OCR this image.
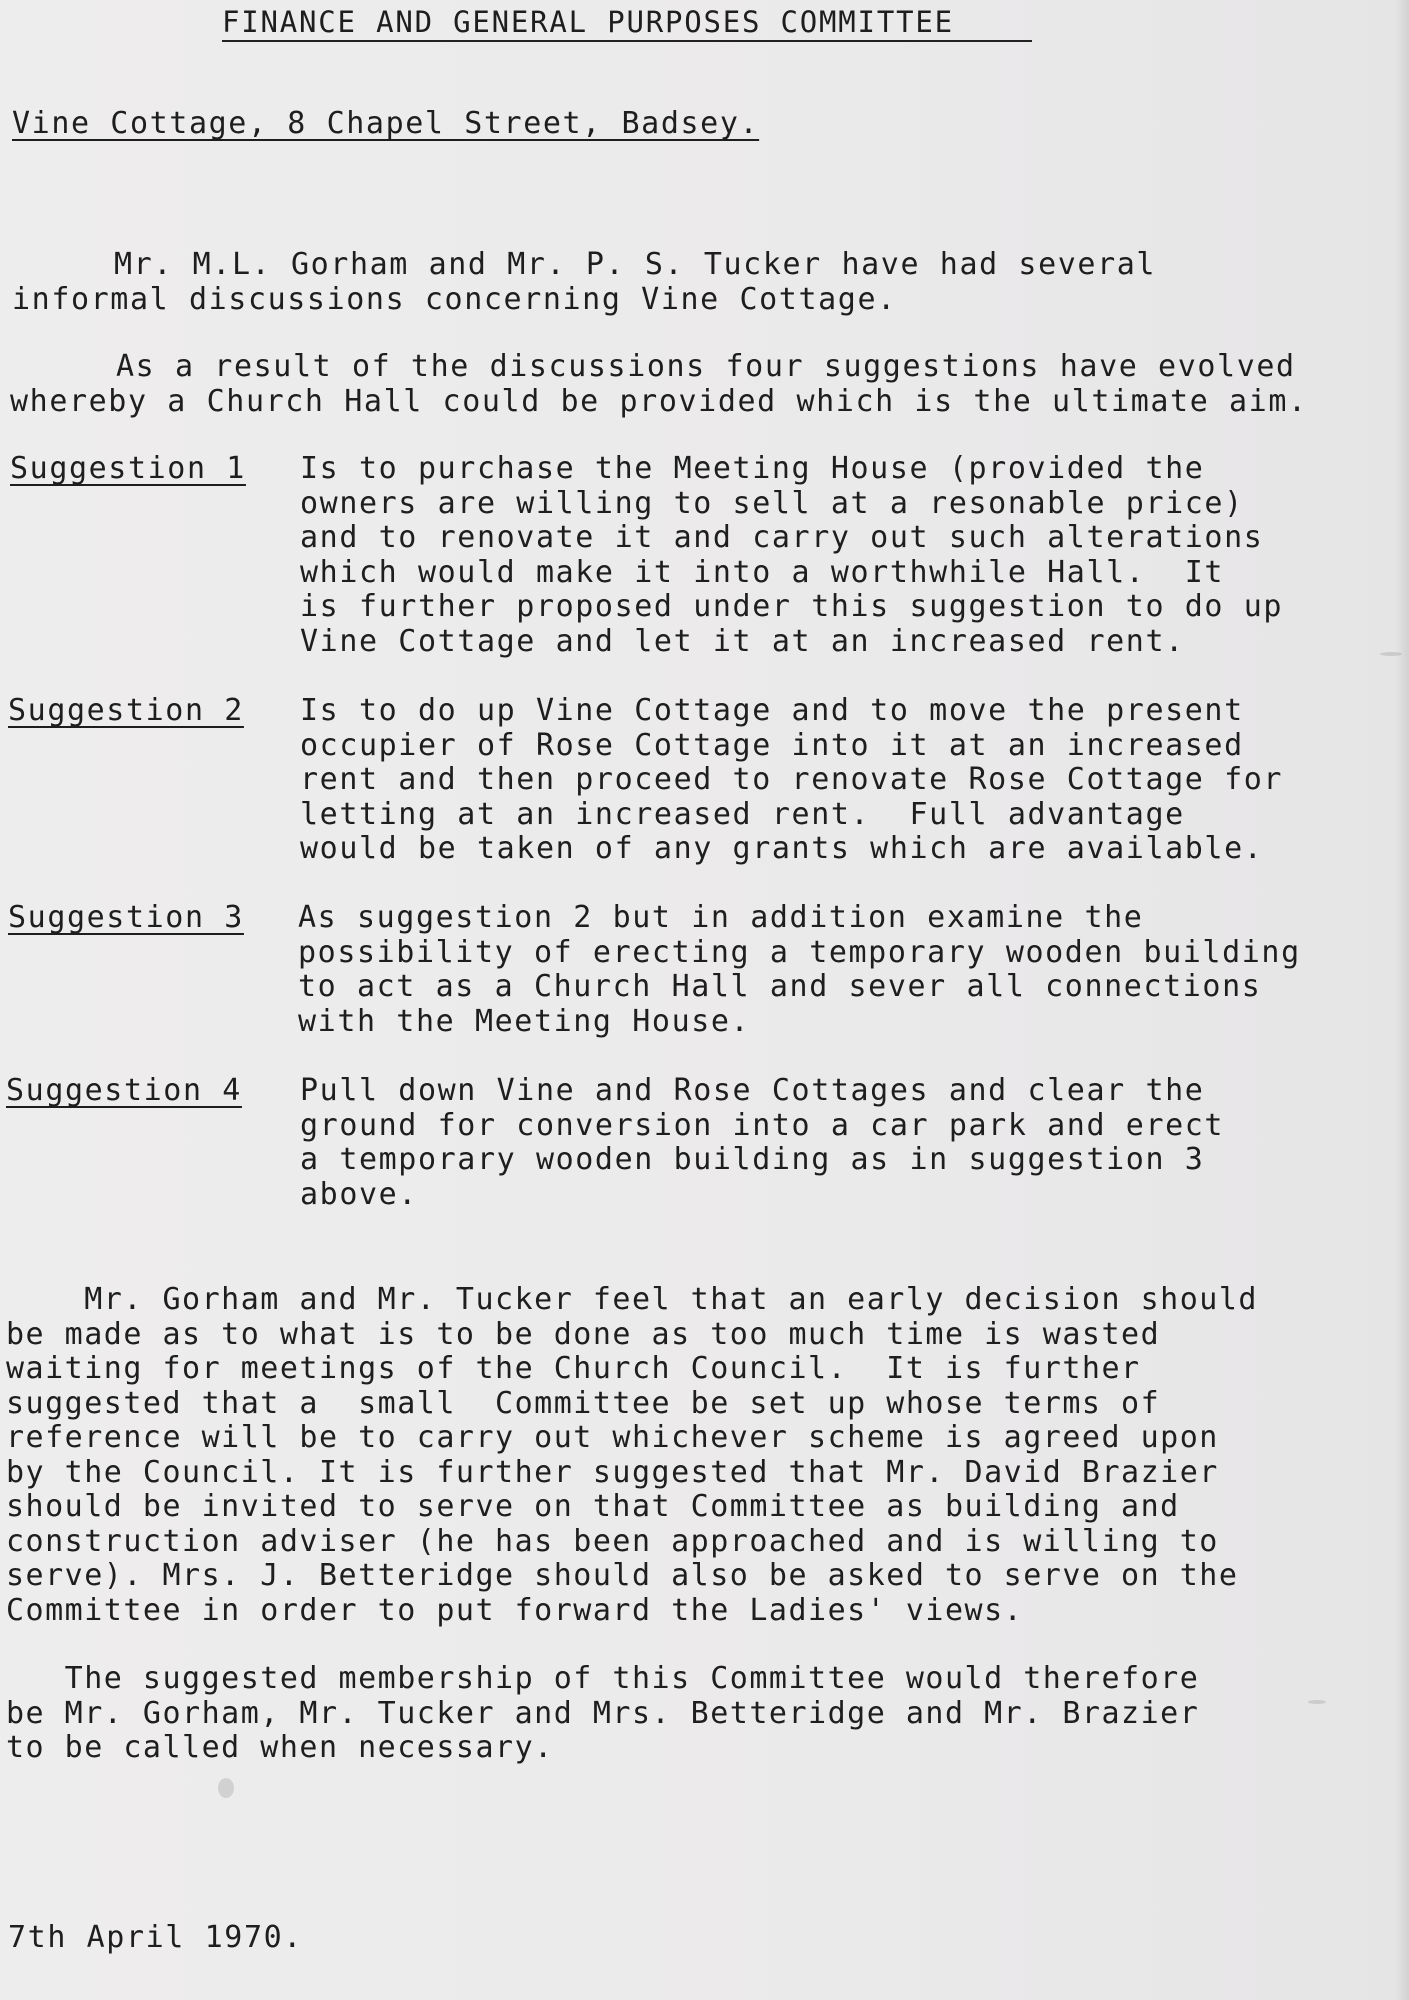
FINANCE AND GENERAL PURPOSES COMMITTEE
Vine Cottage, 8 Chapel Street, Badsey.

Mr. M.L. Gorham and Mr. P. S. Tucker have had several
informal discussions concerning Vine Cottage.

As a result of the discussions four suggestions have evolved
whereby a Church Hall could be provided which is the ultimate aim.

Suggestion 1 Is to purchase the Meeting House (provided the
owners are willing to sell at a resonable price)
and to renovate it and carry out such alterations
which would make it into a worthwhile Hall.  It
is further proposed under this suggestion to do up
Vine Cottage and let it at an increased rent.

Suggestion 2 Is to do up Vine Cottage and to move the present
occupier of Rose Cottage into it at an increased
rent and then proceed to renovate Rose Cottage for
letting at an increased rent.  Full advantage
would be taken of any grants which are available.

Suggestion 3 As suggestion 2 but in addition examine the
possibility of erecting a temporary wooden building
to act as a Church Hall and sever all connections
with the Meeting House.

Suggestion 4 Pull down Vine and Rose Cottages and clear the
ground for conversion into a car park and erect
a temporary wooden building as in suggestion 3
above.

Mr. Gorham and Mr. Tucker feel that an early decision should
be made as to what is to be done as too much time is wasted
waiting for meetings of the Church Council.  It is further
suggested that a  small  Committee be set up whose terms of
reference will be to carry out whichever scheme is agreed upon
by the Council. It is further suggested that Mr. David Brazier
should be invited to serve on that Committee as building and
construction adviser (he has been approached and is willing to
serve). Mrs. J. Betteridge should also be asked to serve on the
Committee in order to put forward the Ladies' views.

The suggested membership of this Committee would therefore
be Mr. Gorham, Mr. Tucker and Mrs. Betteridge and Mr. Brazier
to be called when necessary.

7th April 1970.
